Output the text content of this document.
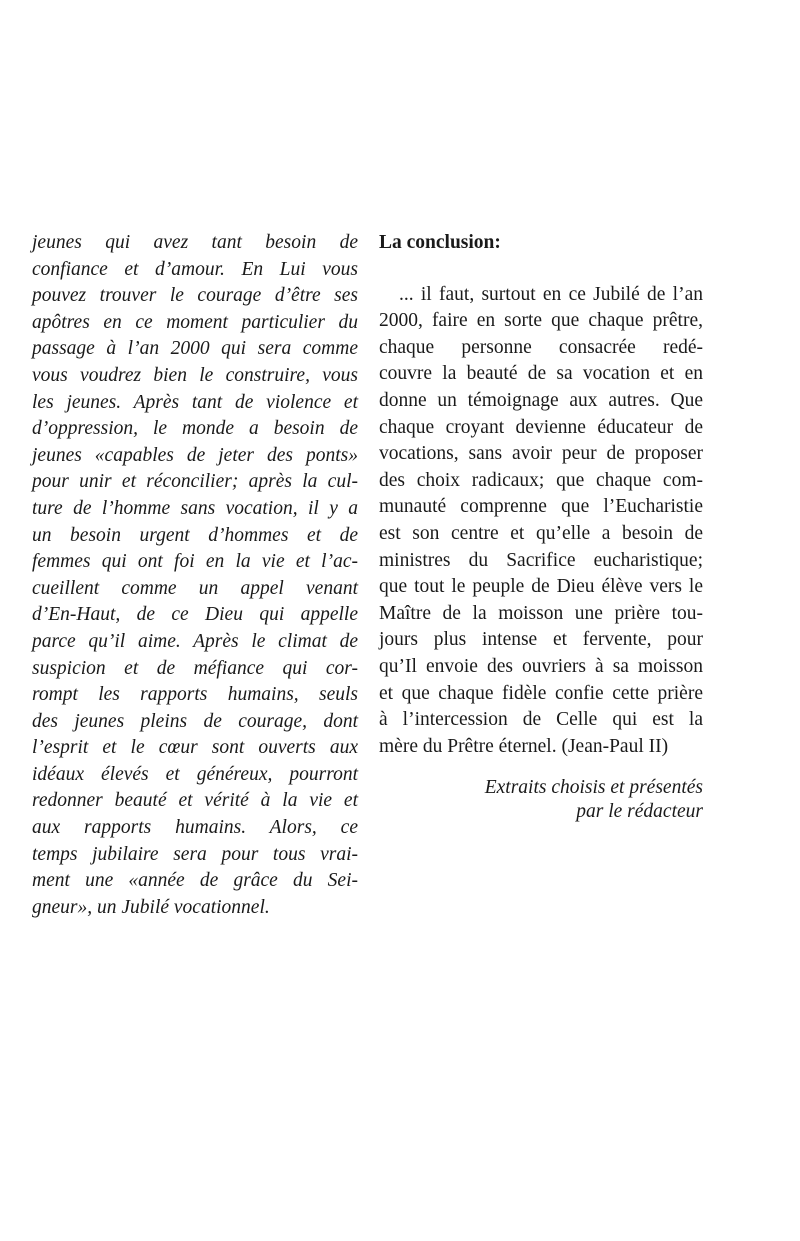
jeunes qui avez tant besoin de
confiance et d’amour. En Lui vous
pouvez trouver le courage d’être ses
apôtres en ce moment particulier du
passage à l’an 2000 qui sera comme
vous voudrez bien le construire, vous
les jeunes. Après tant de violence et
d’oppression, le monde a besoin de
jeunes «capables de jeter des ponts»
pour unir et réconcilier; après la cul-
ture de l’homme sans vocation, il y a
un besoin urgent d’hommes et de
femmes qui ont foi en la vie et l’ac-
cueillent comme un appel venant
d’En-Haut, de ce Dieu qui appelle
parce qu’il aime. Après le climat de
suspicion et de méfiance qui cor-
rompt les rapports humains, seuls
des jeunes pleins de courage, dont
l’esprit et le cœur sont ouverts aux
idéaux élevés et généreux, pourront
redonner beauté et vérité à la vie et
aux rapports humains. Alors, ce
temps jubilaire sera pour tous vrai-
ment une «année de grâce du Sei-
gneur», un Jubilé vocationnel.
La conclusion:
... il faut, surtout en ce Jubilé de l’an
2000, faire en sorte que chaque prêtre,
chaque personne consacrée redé-
couvre la beauté de sa vocation et en
donne un témoignage aux autres. Que
chaque croyant devienne éducateur de
vocations, sans avoir peur de proposer
des choix radicaux; que chaque com-
munauté comprenne que l’Eucharistie
est son centre et qu’elle a besoin de
ministres du Sacrifice eucharistique;
que tout le peuple de Dieu élève vers le
Maître de la moisson une prière tou-
jours plus intense et fervente, pour
qu’Il envoie des ouvriers à sa moisson
et que chaque fidèle confie cette prière
à l’intercession de Celle qui est la
mère du Prêtre éternel. (Jean-Paul II)
Extraits choisis et présentés
par le rédacteur
